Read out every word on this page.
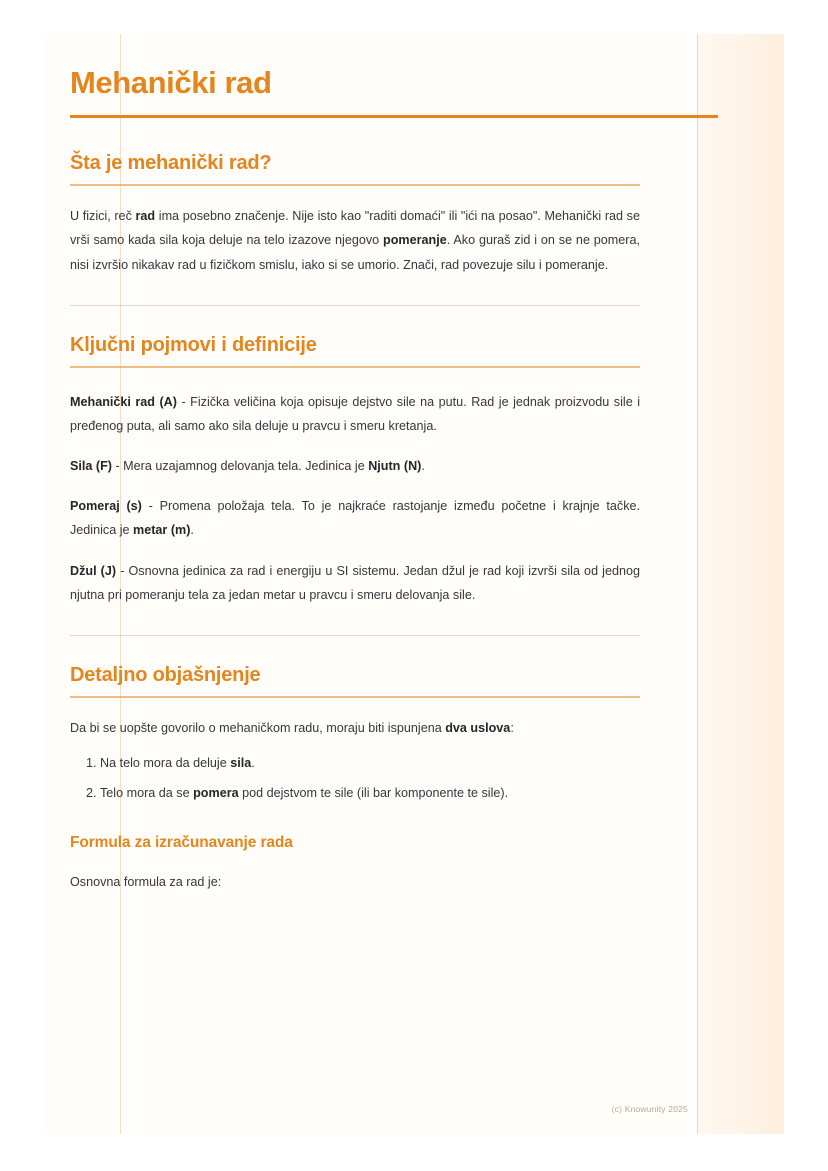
Mehanički rad
Šta je mehanički rad?

U fizici, reč rad ima posebno značenje. Nije isto kao "raditi domaći" ili "ići na posao". Mehanički rad se vrši samo kada sila koja deluje na telo izazove njegovo pomeranje. Ako guraš zid i on se ne pomera, nisi izvršio nikakav rad u fizičkom smislu, iako si se umorio. Znači, rad povezuje silu i pomeranje.

Ključni pojmovi i definicije

Mehanički rad (A) - Fizička veličina koja opisuje dejstvo sile na putu. Rad je jednak proizvodu sile i pređenog puta, ali samo ako sila deluje u pravcu i smeru kretanja.

Sila (F) - Mera uzajamnog delovanja tela. Jedinica je Njutn (N).

Pomeraj (s) - Promena položaja tela. To je najkraće rastojanje između početne i krajnje tačke. Jedinica je metar (m).

Džul (J) - Osnovna jedinica za rad i energiju u SI sistemu. Jedan džul je rad koji izvrši sila od jednog njutna pri pomeranju tela za jedan metar u pravcu i smeru delovanja sile.

Detaljno objašnjenje

Da bi se uopšte govorilo o mehaničkom radu, moraju biti ispunjena dva uslova:

1. Na telo mora da deluje sila.
2. Telo mora da se pomera pod dejstvom te sile (ili bar komponente te sile).
Formula za izračunavanje rada

Osnovna formula za rad je:

(c) Knowunity 2025
